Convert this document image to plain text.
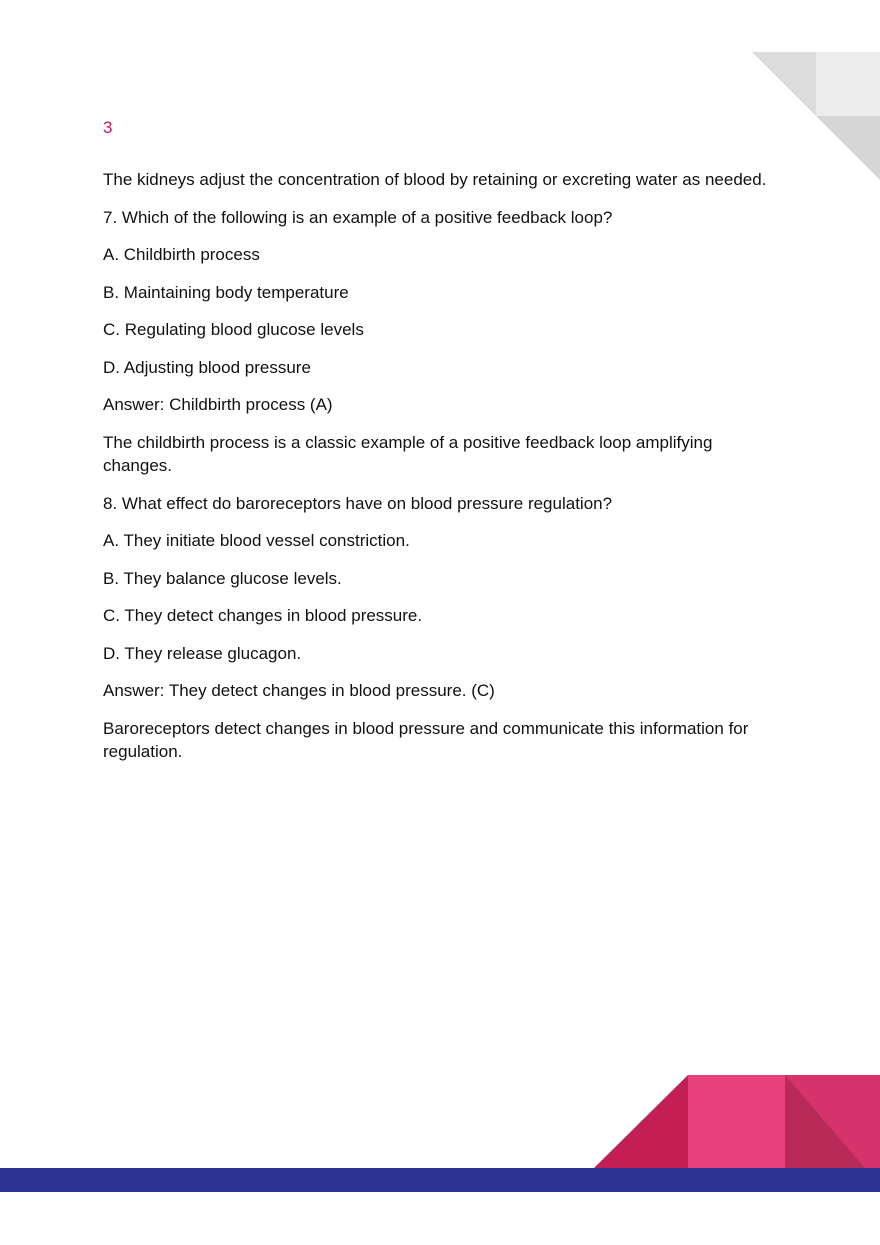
3

The kidneys adjust the concentration of blood by retaining or excreting water as needed.

7. Which of the following is an example of a positive feedback loop?

A. Childbirth process

B. Maintaining body temperature

C. Regulating blood glucose levels

D. Adjusting blood pressure

Answer: Childbirth process (A)

The childbirth process is a classic example of a positive feedback loop amplifying changes.

8. What effect do baroreceptors have on blood pressure regulation?

A. They initiate blood vessel constriction.

B. They balance glucose levels.

C. They detect changes in blood pressure.

D. They release glucagon.

Answer: They detect changes in blood pressure. (C)

Baroreceptors detect changes in blood pressure and communicate this information for regulation.
